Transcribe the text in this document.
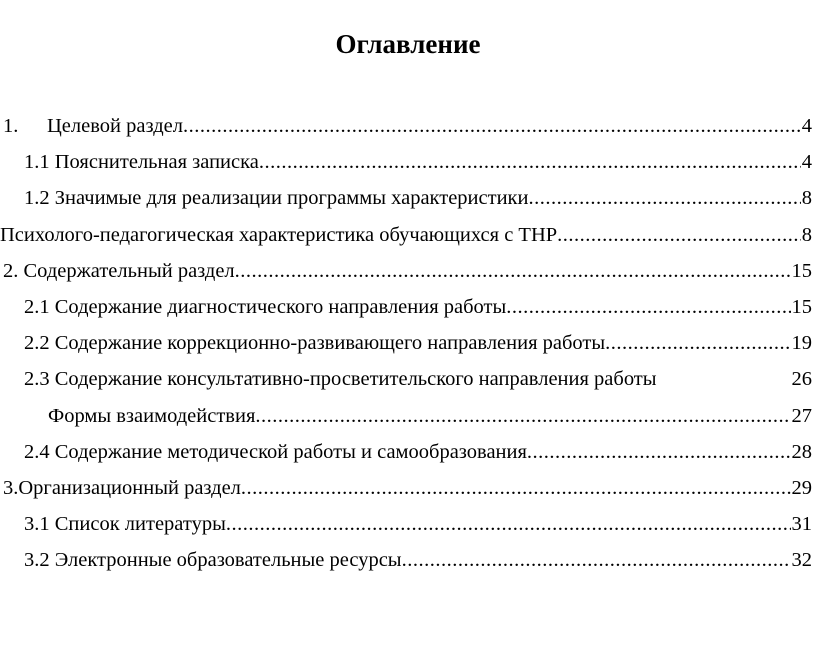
Оглавление
1. Целевой раздел .....	4
1.1 Пояснительная записка .....	4
1.2 Значимые для реализации программы характеристики .....	8
Психолого-педагогическая характеристика обучающихся с ТНР .....	8
2. Содержательный раздел .....	15
2.1 Содержание диагностического направления работы .....	15
2.2 Содержание коррекционно-развивающего направления работы .....	19
2.3 Содержание консультативно-просветительского направления работы	26
Формы взаимодействия .....	27
2.4 Содержание методической работы и самообразования .....	28
3.Организационный раздел .....	29
3.1 Список литературы .....	31
3.2 Электронные образовательные ресурсы .....	32
